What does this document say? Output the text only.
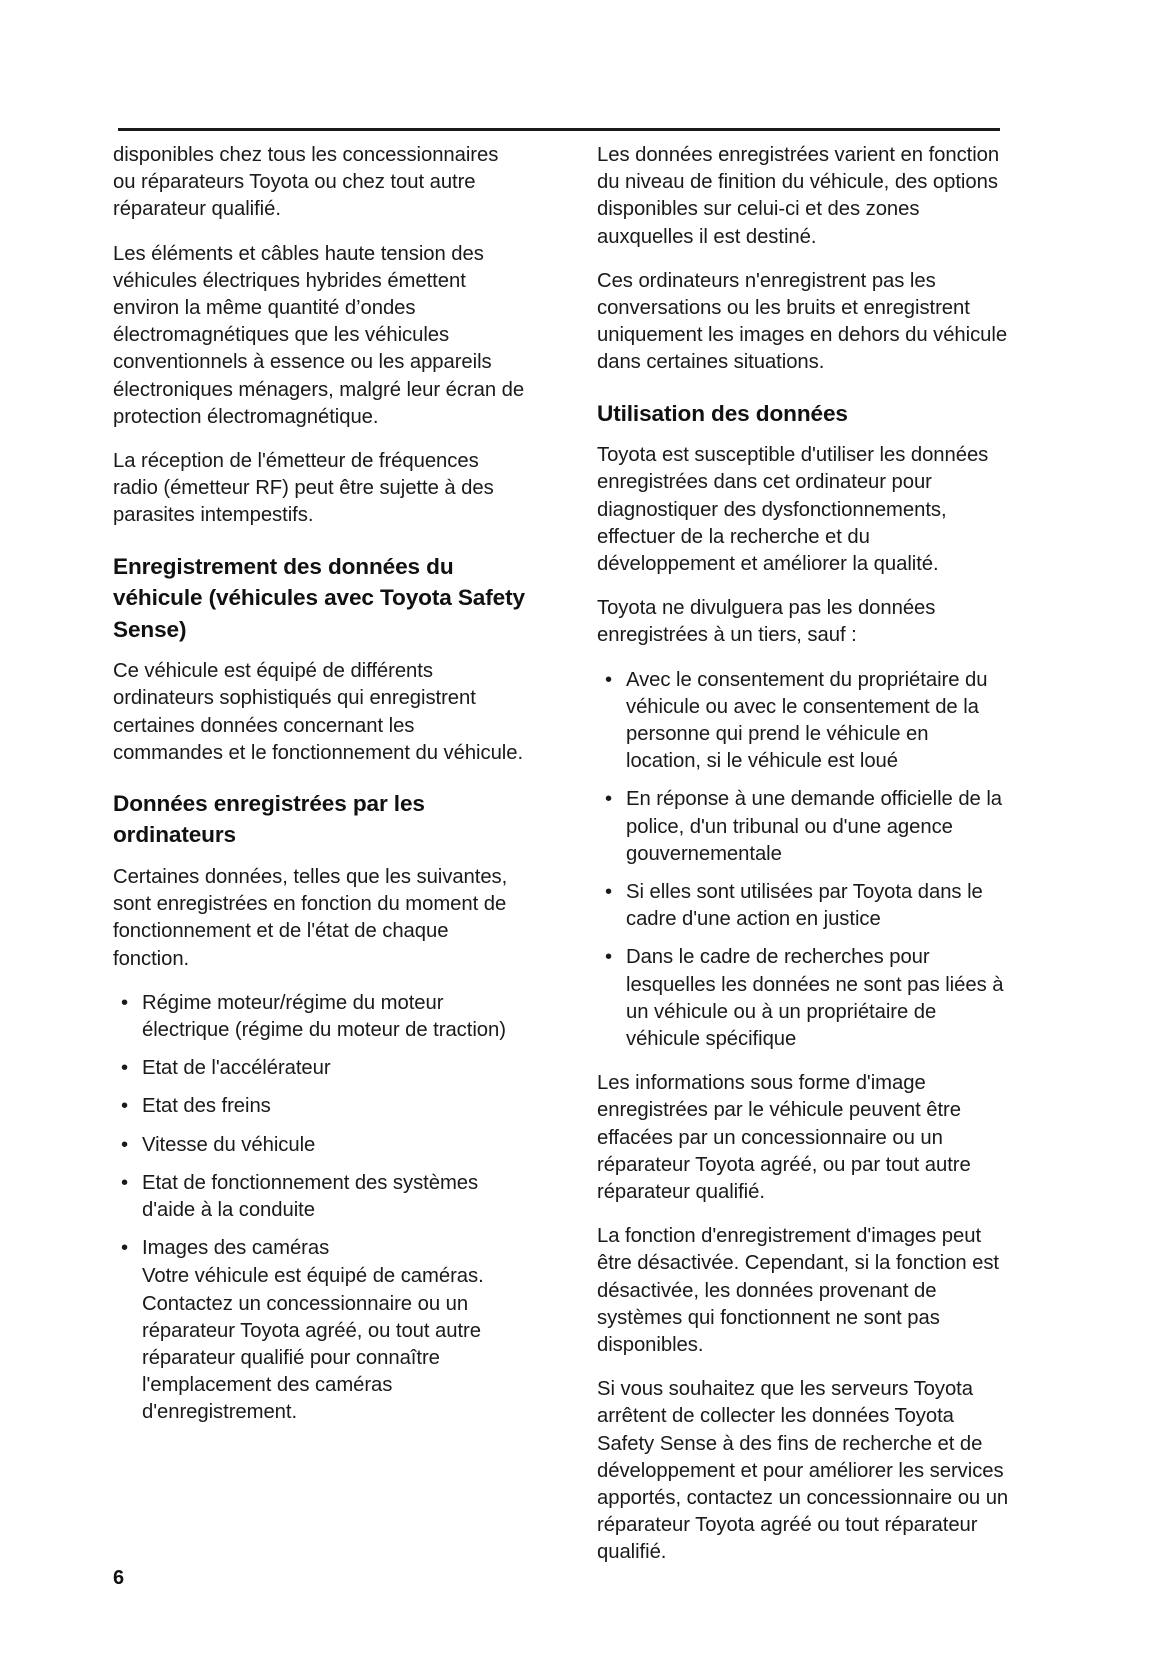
disponibles chez tous les concessionnaires ou réparateurs Toyota ou chez tout autre réparateur qualifié.

Les éléments et câbles haute tension des véhicules électriques hybrides émettent environ la même quantité d’ondes électromagnétiques que les véhicules conventionnels à essence ou les appareils électroniques ménagers, malgré leur écran de protection électromagnétique.

La réception de l'émetteur de fréquences radio (émetteur RF) peut être sujette à des parasites intempestifs.

Enregistrement des données du véhicule (véhicules avec Toyota Safety Sense)

Ce véhicule est équipé de différents ordinateurs sophistiqués qui enregistrent certaines données concernant les commandes et le fonctionnement du véhicule.

Données enregistrées par les ordinateurs

Certaines données, telles que les suivantes, sont enregistrées en fonction du moment de fonctionnement et de l'état de chaque fonction.

• Régime moteur/régime du moteur électrique (régime du moteur de traction)
• Etat de l'accélérateur
• Etat des freins
• Vitesse du véhicule
• Etat de fonctionnement des systèmes d'aide à la conduite
• Images des caméras
Votre véhicule est équipé de caméras. Contactez un concessionnaire ou un réparateur Toyota agréé, ou tout autre réparateur qualifié pour connaître l'emplacement des caméras d'enregistrement.

Les données enregistrées varient en fonction du niveau de finition du véhicule, des options disponibles sur celui-ci et des zones auxquelles il est destiné.

Ces ordinateurs n'enregistrent pas les conversations ou les bruits et enregistrent uniquement les images en dehors du véhicule dans certaines situations.

Utilisation des données

Toyota est susceptible d'utiliser les données enregistrées dans cet ordinateur pour diagnostiquer des dysfonctionnements, effectuer de la recherche et du développement et améliorer la qualité.

Toyota ne divulguera pas les données enregistrées à un tiers, sauf :

• Avec le consentement du propriétaire du véhicule ou avec le consentement de la personne qui prend le véhicule en location, si le véhicule est loué
• En réponse à une demande officielle de la police, d'un tribunal ou d'une agence gouvernementale
• Si elles sont utilisées par Toyota dans le cadre d'une action en justice
• Dans le cadre de recherches pour lesquelles les données ne sont pas liées à un véhicule ou à un propriétaire de véhicule spécifique

Les informations sous forme d'image enregistrées par le véhicule peuvent être effacées par un concessionnaire ou un réparateur Toyota agréé, ou par tout autre réparateur qualifié.

La fonction d'enregistrement d'images peut être désactivée. Cependant, si la fonction est désactivée, les données provenant de systèmes qui fonctionnent ne sont pas disponibles.

Si vous souhaitez que les serveurs Toyota arrêtent de collecter les données Toyota Safety Sense à des fins de recherche et de développement et pour améliorer les services apportés, contactez un concessionnaire ou un réparateur Toyota agréé ou tout réparateur qualifié.

6
